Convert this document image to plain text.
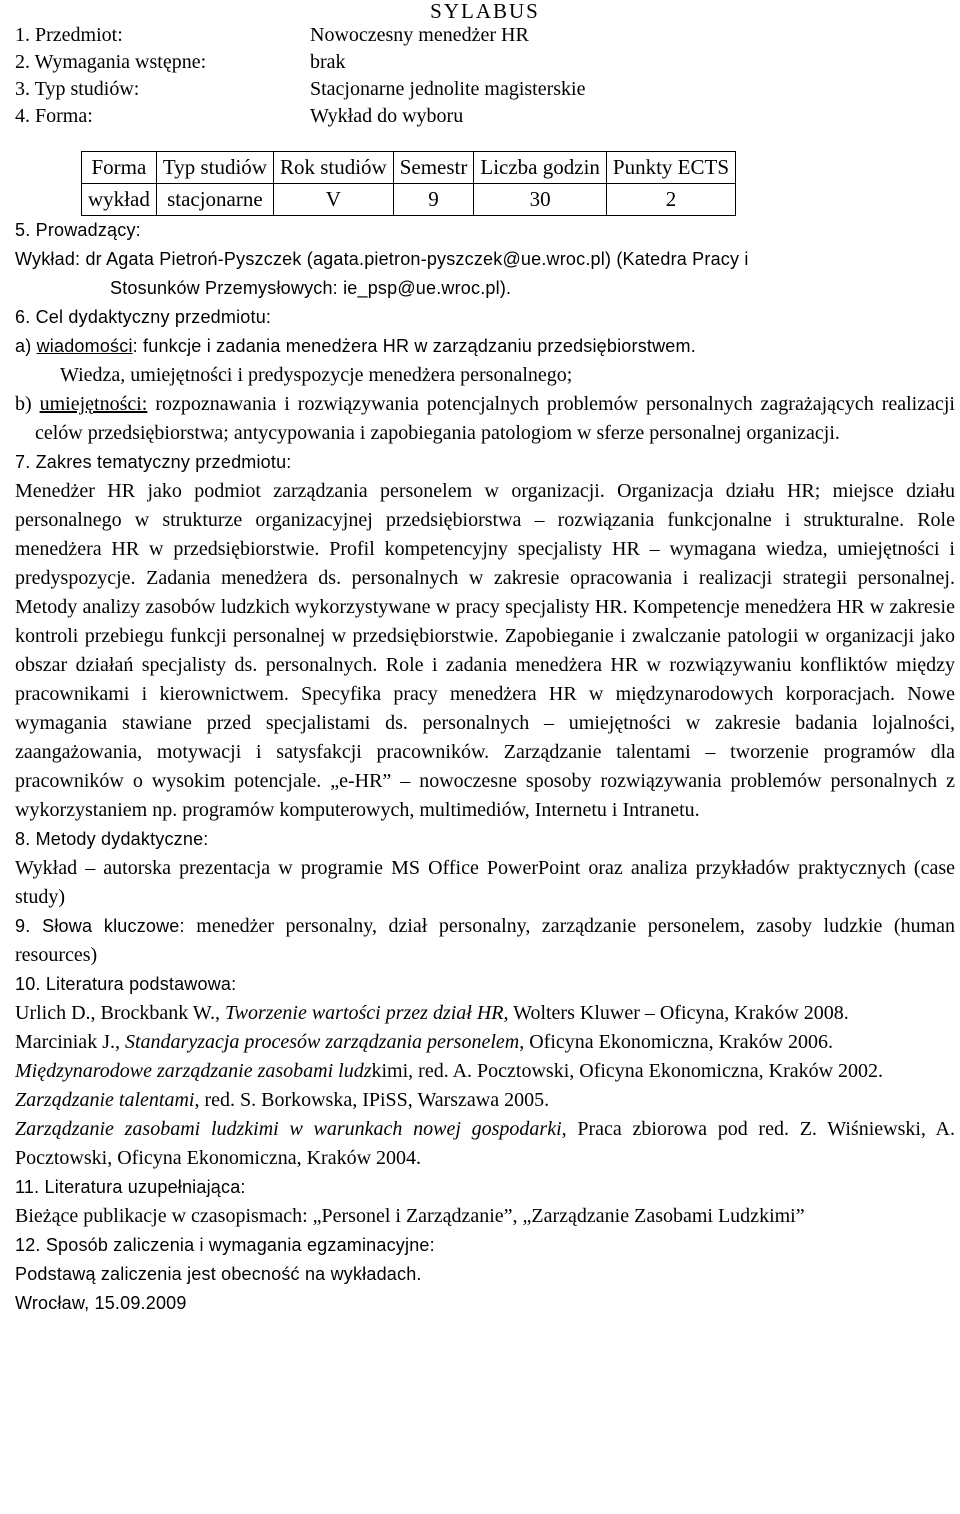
SYLABUS
1. Przedmiot:	Nowoczesny menedżer HR
2. Wymagania wstępne:	brak
3. Typ studiów:	Stacjonarne jednolite magisterskie
4. Forma:	Wykład do wyboru
Forma	Typ studiów	Rok studiów	Semestr	Liczba godzin	Punkty ECTS
wykład	stacjonarne	V	9	30	2

5. Prowadzący:

Wykład: dr Agata Pietroń-Pyszczek (agata.pietron-pyszczek@ue.wroc.pl) (Katedra Pracy i

Stosunków Przemysłowych: ie_psp@ue.wroc.pl).

6. Cel dydaktyczny przedmiotu:

a) wiadomości: funkcje i zadania menedżera HR w zarządzaniu przedsiębiorstwem.

Wiedza, umiejętności i predyspozycje menedżera personalnego;

b) umiejętności: rozpoznawania i rozwiązywania potencjalnych problemów personalnych zagrażających realizacji celów przedsiębiorstwa; antycypowania i zapobiegania patologiom w sferze personalnej organizacji.

7. Zakres tematyczny przedmiotu:

Menedżer HR jako podmiot zarządzania personelem w organizacji. Organizacja działu HR; miejsce działu personalnego w strukturze organizacyjnej przedsiębiorstwa – rozwiązania funkcjonalne i strukturalne. Role menedżera HR w przedsiębiorstwie. Profil kompetencyjny specjalisty HR – wymagana wiedza, umiejętności i predyspozycje. Zadania menedżera ds. personalnych w zakresie opracowania i realizacji strategii personalnej. Metody analizy zasobów ludzkich wykorzystywane w pracy specjalisty HR. Kompetencje menedżera HR w zakresie kontroli przebiegu funkcji personalnej w przedsiębiorstwie. Zapobieganie i zwalczanie patologii w organizacji jako obszar działań specjalisty ds. personalnych. Role i zadania menedżera HR w rozwiązywaniu konfliktów między pracownikami i kierownictwem. Specyfika pracy menedżera HR w międzynarodowych korporacjach. Nowe wymagania stawiane przed specjalistami ds. personalnych – umiejętności w zakresie badania lojalności, zaangażowania, motywacji i satysfakcji pracowników. Zarządzanie talentami – tworzenie programów dla pracowników o wysokim potencjale. „e-HR” – nowoczesne sposoby rozwiązywania problemów personalnych z wykorzystaniem np. programów komputerowych, multimediów, Internetu i Intranetu.

8. Metody dydaktyczne:

Wykład – autorska prezentacja w programie MS Office PowerPoint oraz analiza przykładów praktycznych (case study)

9. Słowa kluczowe: menedżer personalny, dział personalny, zarządzanie personelem, zasoby ludzkie (human resources)

10. Literatura podstawowa:

Urlich D., Brockbank W., Tworzenie wartości przez dział HR, Wolters Kluwer – Oficyna, Kraków 2008.

Marciniak J., Standaryzacja procesów zarządzania personelem, Oficyna Ekonomiczna, Kraków 2006.

Międzynarodowe zarządzanie zasobami ludzkimi, red. A. Pocztowski, Oficyna Ekonomiczna, Kraków 2002.

Zarządzanie talentami, red. S. Borkowska, IPiSS, Warszawa 2005.

Zarządzanie zasobami ludzkimi w warunkach nowej gospodarki, Praca zbiorowa pod red. Z. Wiśniewski, A. Pocztowski, Oficyna Ekonomiczna, Kraków 2004.

11. Literatura uzupełniająca:

Bieżące publikacje w czasopismach: „Personel i Zarządzanie”, „Zarządzanie Zasobami Ludzkimi”

12. Sposób zaliczenia i wymagania egzaminacyjne:

Podstawą zaliczenia jest obecność na wykładach.

Wrocław, 15.09.2009
